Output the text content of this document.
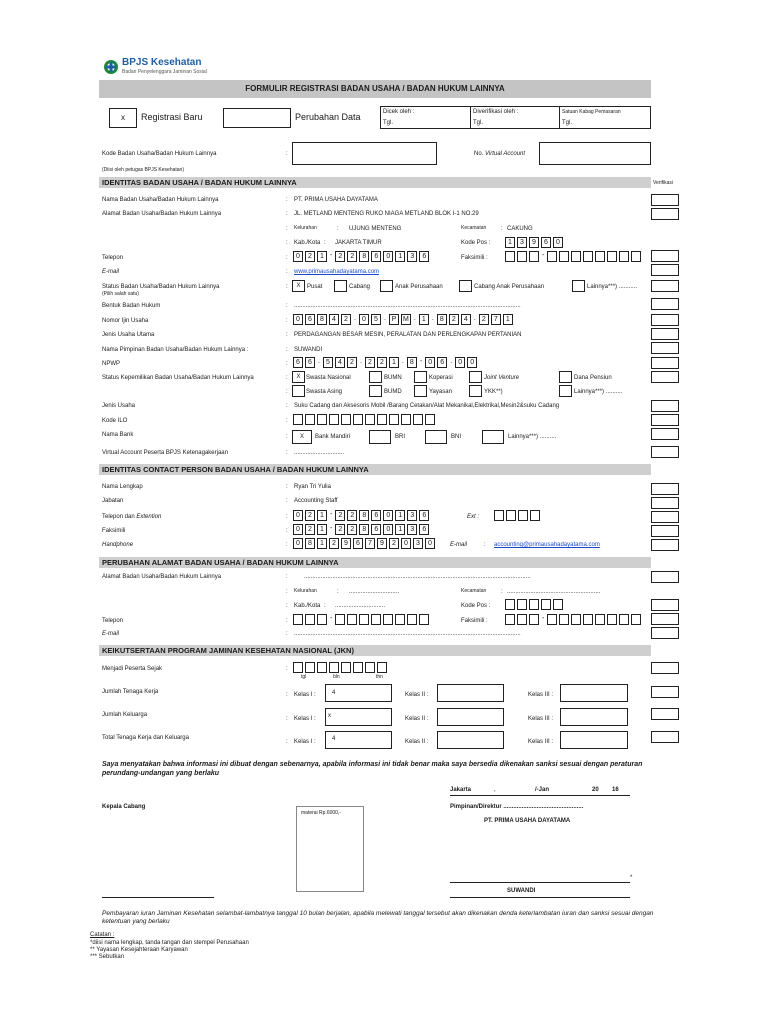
BPJS Kesehatan
Badan Penyelenggara Jaminan Sosial
FORMULIR REGISTRASI BADAN USAHA / BADAN HUKUM LAINNYA
x	Registrasi Baru	Perubahan Data	Dicek oleh :
Tgl.
Diverifikasi oleh :
Tgl.
Satuan Kabag Pemasaran
Tgl.
Kode Badan Usaha/Badan Hukum Lainnya	:	No. Virtual Account
(Diisi oleh petugas BPJS Kesehatan)
IDENTITAS BADAN USAHA / BADAN HUKUM LAINNYA	Verifikasi
Nama Badan Usaha/Badan Hukum Lainnya	: PT. PRIMA USAHA DAYATAMA
Alamat Badan Usaha/Badan Hukum Lainnya	: JL. METLAND MENTENG RUKO NIAGA METLAND BLOK I-1 NO.29
: Kelurahan	: UJUNG MENTENG	Kecamatan : CAKUNG
: Kab./Kota : JAKARTA TIMUR	Kode Pos :	1	3	9	6	0
Telepon	:	0	2	1 - 2	2	8	6	0	1	3	6	Faksimili :	-
E-mail	: www.primausahadayatama.com
Status Badan Usaha/Badan Hukum Lainnya
(Pilih salah satu)
:	X	Pusat	Cabang	Anak Perusahaan	Cabang Anak Perusahaan	Lainnya***) ...........
Bentuk Badan Hukum	: ........................................................................................................................................
Nomor Ijin Usaha	:	0	6	8	4	2 . 0	5 . P M . 1 . 8	2	4 . 2	7	1
Jenis Usaha Utama	: PERDAGANGAN BESAR MESIN, PERALATAN DAN PERLENGKAPAN PERTANIAN
Nama Pimpinan Badan Usaha/Badan Hukum Lainnya :	: SUWANDI
NPWP	:	6	6 . 5	4	2 . 2	2	1 . 8 - 0	6 . 0	0
Status Kepemilikan Badan Usaha/Badan Hukum Lainnya	:	X Swasta Nasional	BUMN	Koperasi	Joint Venture	Dana Pensiun
:	Swasta Asing	BUMD	Yayasan	YKK**)	Lainnya***) ..........
Jenis Usaha	: Suku Cadang dan Aksesoris Mobil /Barang Cetakan/Alat Mekanikal,Elektrikal,Mesin2&suku Cadang
Kode ILO	:
Nama Bank	:	X	Bank Mandiri	BRI	BNI	Lainnya***) ..........
Virtual Account Peserta BPJS Ketenagakerjaan	: ..............................
IDENTITAS CONTACT PERSON BADAN USAHA / BADAN HUKUM LAINNYA
Nama Lengkap	: Ryan Tri Yulia
Jabatan	: Accounting Staff
Telepon dan Extention	:	0	2	1 - 2	2	8	6	0	1	3	6	Ext :
Faksimili	:	0	2	1 - 2	2	8	6	0	1	3	6
Handphone	:	0	8	1	2	9	6	7	9	2	0	3	0	E-mail	: accounting@primausahadayatama.com
PERUBAHAN ALAMAT BADAN USAHA / BADAN HUKUM LAINNYA
Alamat Badan Usaha/Badan Hukum Lainnya	:	........................................................................................................................................
: Kelurahan	: ..............................	Kecamatan : ........................................................
: Kab./Kota : ..............................	Kode Pos :
Telepon	:	-	Faksimili :	-
E-mail	: ........................................................................................................................................
KEIKUTSERTAAN PROGRAM JAMINAN KESEHATAN NASIONAL (JKN)
Menjadi Peserta Sejak	:
tgl	bln	thn
Jumlah Tenaga Kerja	: Kelas I :	4	Kelas II :	Kelas III :
Jumlah Keluarga
: Kelas I :	x	Kelas II :	Kelas III :
Total Tenaga Kerja dan Keluarga
: Kelas I :	4	Kelas II :	Kelas III :
Saya menyatakan bahwa informasi ini dibuat dengan sebenarnya, apabila informasi ini tidak benar maka saya bersedia dikenakan sanksi sesuai dengan peraturan perundang-undangan yang berlaku
Jakarta	,	/-Jan	20 16
Kepala Cabang	Pimpinan/Direktur ................................................
PT. PRIMA USAHA DAYATAMA
materai Rp.6000,-
*
SUWANDI
Pembayaran iuran Jaminan Kesehatan selambat-lambatnya tanggal 10 bulan berjalan, apabila melewati tanggal tersebut akan dikenakan denda keterlambatan iuran dan sanksi sesuai dengan ketentuan yang berlaku
Catatan :
*diisi nama lengkap, tanda tangan dan stempel Perusahaan
** Yayasan Kesejahteraan Karyawan
*** Sebutkan
